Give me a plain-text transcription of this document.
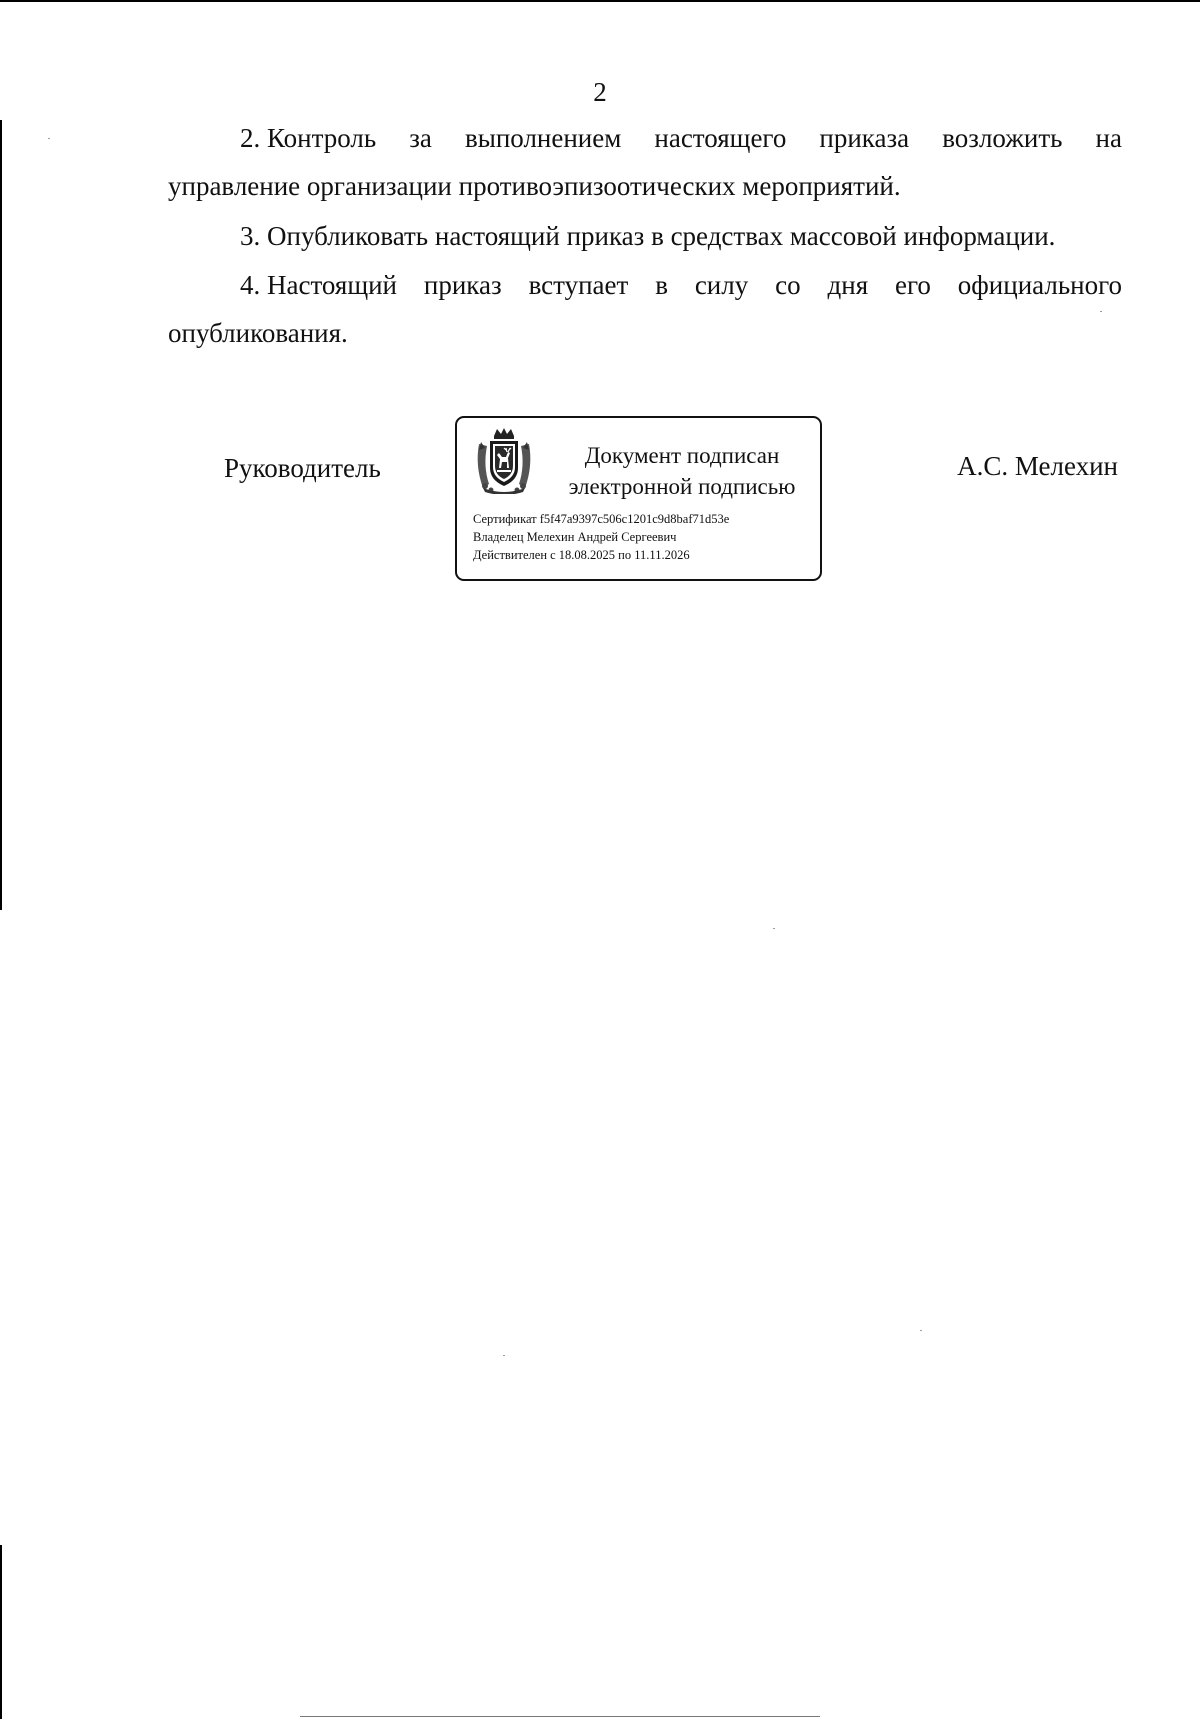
2
2. Контроль за выполнением настоящего приказа возложить на
управление организации противоэпизоотических мероприятий.

3. Опубликовать настоящий приказ в средствах массовой информации.

4. Настоящий приказ вступает в силу со дня его официального
опубликования.
Руководитель	Документ подписан
электронной подписью
Сертификат f5f47a9397c506c1201c9d8baf71d53e
Владелец Мелехин Андрей Сергеевич
Действителен с 18.08.2025 по 11.11.2026
А.С. Мелехин
